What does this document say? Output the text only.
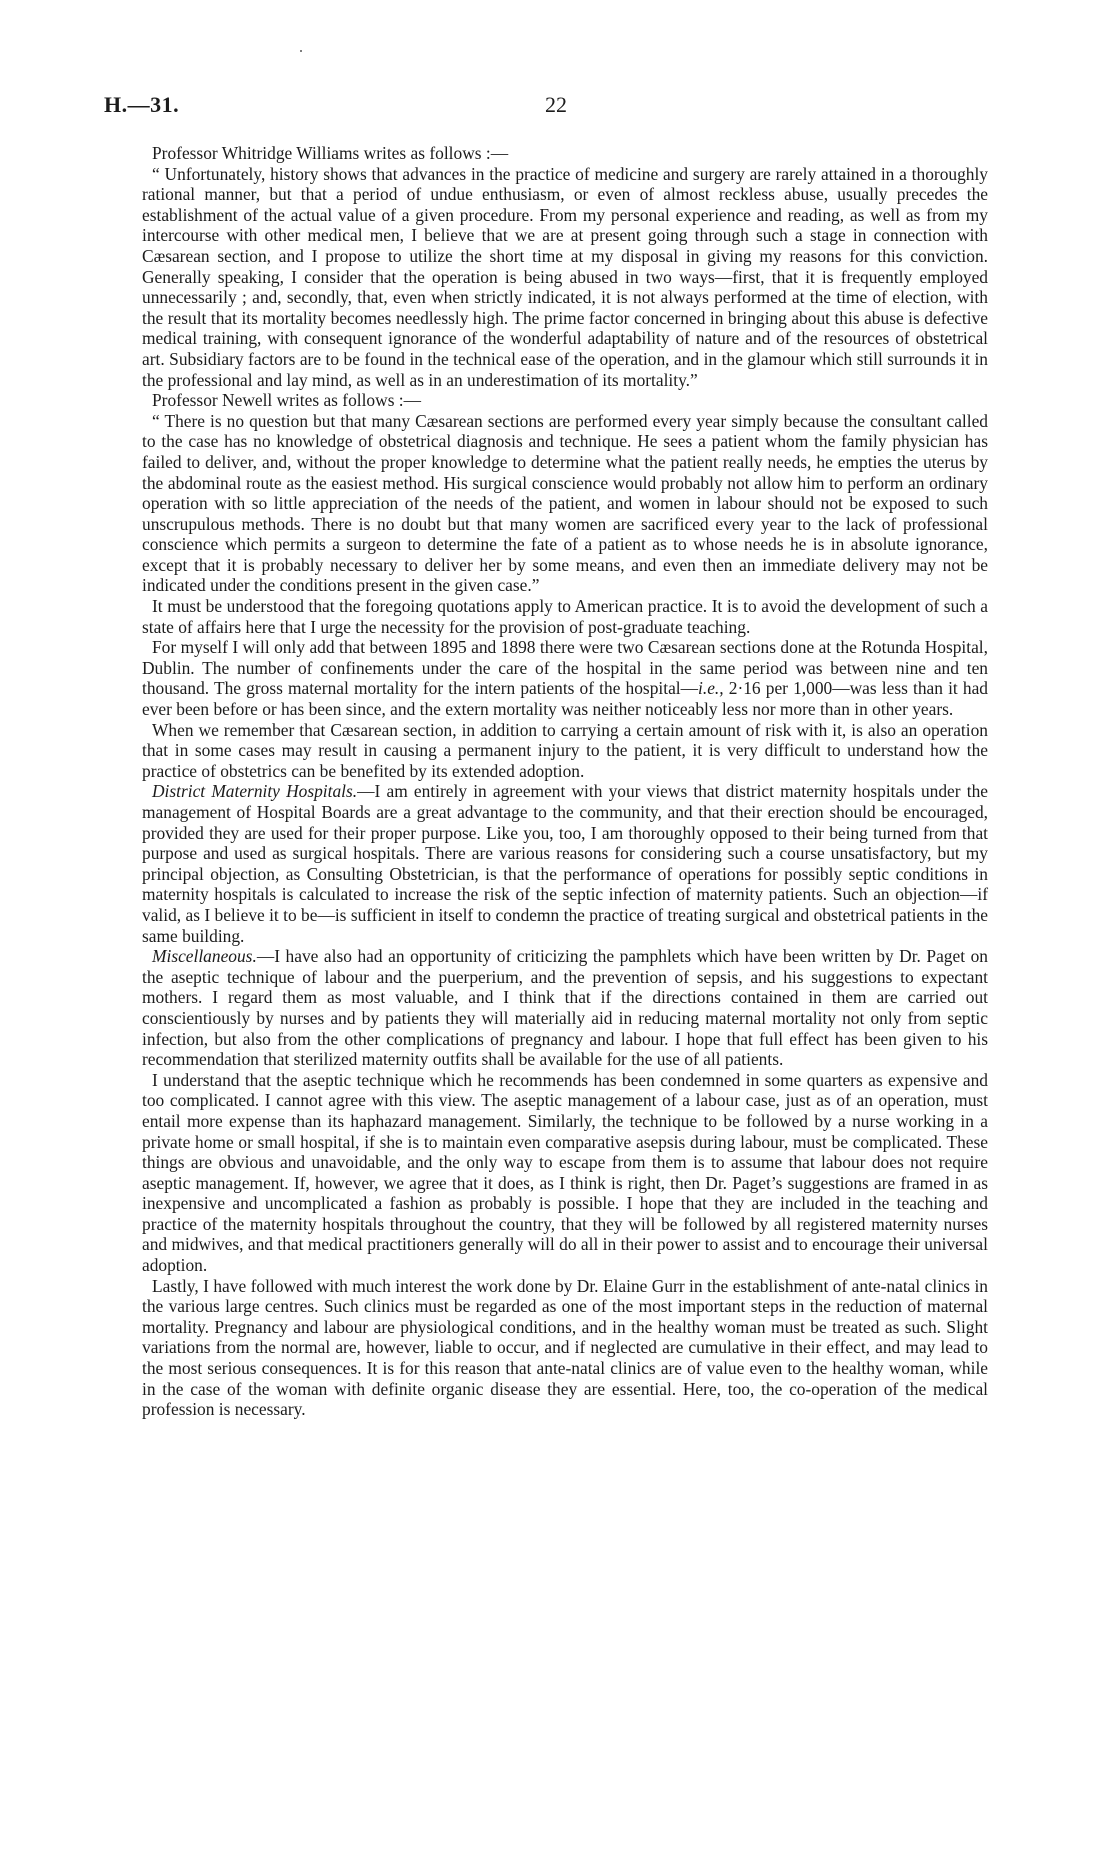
H.—31.	22

Professor Whitridge Williams writes as follows :—

“ Unfortunately, history shows that advances in the practice of medicine and surgery are rarely attained in a thoroughly rational manner, but that a period of undue enthusiasm, or even of almost reckless abuse, usually precedes the establishment of the actual value of a given procedure. From my personal experience and reading, as well as from my intercourse with other medical men, I believe that we are at present going through such a stage in connection with Cæsarean section, and I propose to utilize the short time at my disposal in giving my reasons for this conviction. Generally speaking, I consider that the operation is being abused in two ways—first, that it is frequently employed unnecessarily ; and, secondly, that, even when strictly indicated, it is not always performed at the time of election, with the result that its mortality becomes needlessly high. The prime factor concerned in bringing about this abuse is defective medical training, with consequent ignorance of the wonderful adaptability of nature and of the resources of obstetrical art. Subsidiary factors are to be found in the technical ease of the operation, and in the glamour which still surrounds it in the professional and lay mind, as well as in an underestimation of its mortality.”

Professor Newell writes as follows :—

“ There is no question but that many Cæsarean sections are performed every year simply because the consultant called to the case has no knowledge of obstetrical diagnosis and technique. He sees a patient whom the family physician has failed to deliver, and, without the proper knowledge to determine what the patient really needs, he empties the uterus by the abdominal route as the easiest method. His surgical conscience would probably not allow him to perform an ordinary operation with so little appreciation of the needs of the patient, and women in labour should not be exposed to such unscrupulous methods. There is no doubt but that many women are sacrificed every year to the lack of professional conscience which permits a surgeon to determine the fate of a patient as to whose needs he is in absolute ignorance, except that it is probably necessary to deliver her by some means, and even then an immediate delivery may not be indicated under the conditions present in the given case.”

It must be understood that the foregoing quotations apply to American practice. It is to avoid the development of such a state of affairs here that I urge the necessity for the provision of post-graduate teaching.

For myself I will only add that between 1895 and 1898 there were two Cæsarean sections done at the Rotunda Hospital, Dublin. The number of confinements under the care of the hospital in the same period was between nine and ten thousand. The gross maternal mortality for the intern patients of the hospital—i.e., 2·16 per 1,000—was less than it had ever been before or has been since, and the extern mortality was neither noticeably less nor more than in other years.

When we remember that Cæsarean section, in addition to carrying a certain amount of risk with it, is also an operation that in some cases may result in causing a permanent injury to the patient, it is very difficult to understand how the practice of obstetrics can be benefited by its extended adoption.

District Maternity Hospitals.—I am entirely in agreement with your views that district maternity hospitals under the management of Hospital Boards are a great advantage to the community, and that their erection should be encouraged, provided they are used for their proper purpose. Like you, too, I am thoroughly opposed to their being turned from that purpose and used as surgical hospitals. There are various reasons for considering such a course unsatisfactory, but my principal objection, as Consulting Obstetrician, is that the performance of operations for possibly septic conditions in maternity hospitals is calculated to increase the risk of the septic infection of maternity patients. Such an objection—if valid, as I believe it to be—is sufficient in itself to condemn the practice of treating surgical and obstetrical patients in the same building.

Miscellaneous.—I have also had an opportunity of criticizing the pamphlets which have been written by Dr. Paget on the aseptic technique of labour and the puerperium, and the prevention of sepsis, and his suggestions to expectant mothers. I regard them as most valuable, and I think that if the directions contained in them are carried out conscientiously by nurses and by patients they will materially aid in reducing maternal mortality not only from septic infection, but also from the other complications of pregnancy and labour. I hope that full effect has been given to his recommendation that sterilized maternity outfits shall be available for the use of all patients.

I understand that the aseptic technique which he recommends has been condemned in some quarters as expensive and too complicated. I cannot agree with this view. The aseptic management of a labour case, just as of an operation, must entail more expense than its haphazard management. Similarly, the technique to be followed by a nurse working in a private home or small hospital, if she is to maintain even comparative asepsis during labour, must be complicated. These things are obvious and unavoidable, and the only way to escape from them is to assume that labour does not require aseptic management. If, however, we agree that it does, as I think is right, then Dr. Paget’s suggestions are framed in as inexpensive and uncomplicated a fashion as probably is possible. I hope that they are included in the teaching and practice of the maternity hospitals throughout the country, that they will be followed by all registered maternity nurses and midwives, and that medical practitioners generally will do all in their power to assist and to encourage their universal adoption.

Lastly, I have followed with much interest the work done by Dr. Elaine Gurr in the establishment of ante-natal clinics in the various large centres. Such clinics must be regarded as one of the most important steps in the reduction of maternal mortality. Pregnancy and labour are physiological conditions, and in the healthy woman must be treated as such. Slight variations from the normal are, however, liable to occur, and if neglected are cumulative in their effect, and may lead to the most serious consequences. It is for this reason that ante-natal clinics are of value even to the healthy woman, while in the case of the woman with definite organic disease they are essential. Here, too, the co-operation of the medical profession is necessary.
